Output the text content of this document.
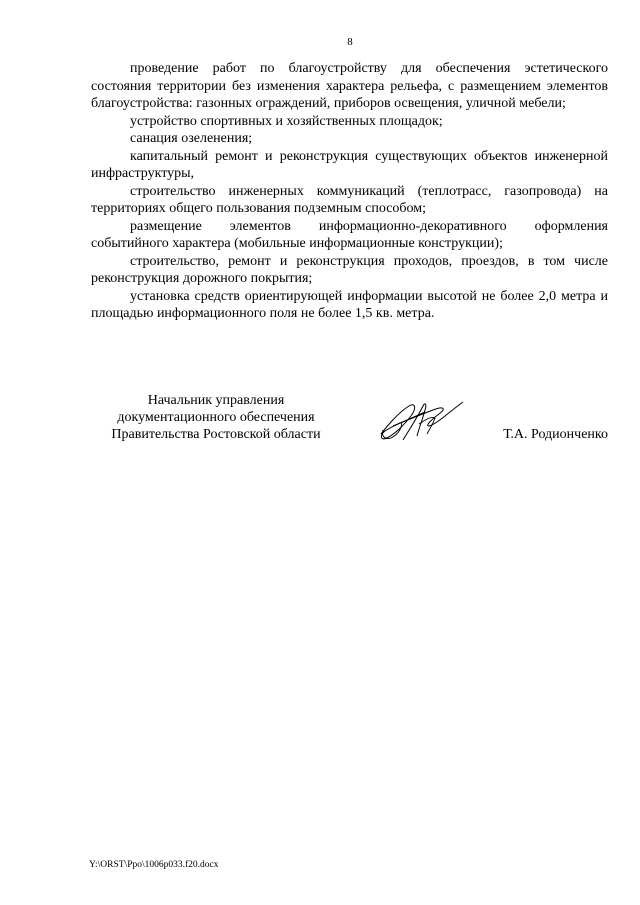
8

проведение работ по благоустройству для обеспечения эстетического состояния территории без изменения характера рельефа, с размещением элементов благоустройства: газонных ограждений, приборов освещения, уличной мебели;

устройство спортивных и хозяйственных площадок;

санация озеленения;

капитальный ремонт и реконструкция существующих объектов инженерной инфраструктуры,

строительство инженерных коммуникаций (теплотрасс, газопровода) на территориях общего пользования подземным способом;

размещение элементов информационно-декоративного оформления событийного характера (мобильные информационные конструкции);

строительство, ремонт и реконструкция проходов, проездов, в том числе реконструкция дорожного покрытия;

установка средств ориентирующей информации высотой не более 2,0 метра и площадью информационного поля не более 1,5 кв. метра.

Начальник управления
документационного обеспечения
Правительства Ростовской области	Т.А. Родионченко
Y:\ORST\Ppo\1006p033.f20.docx
